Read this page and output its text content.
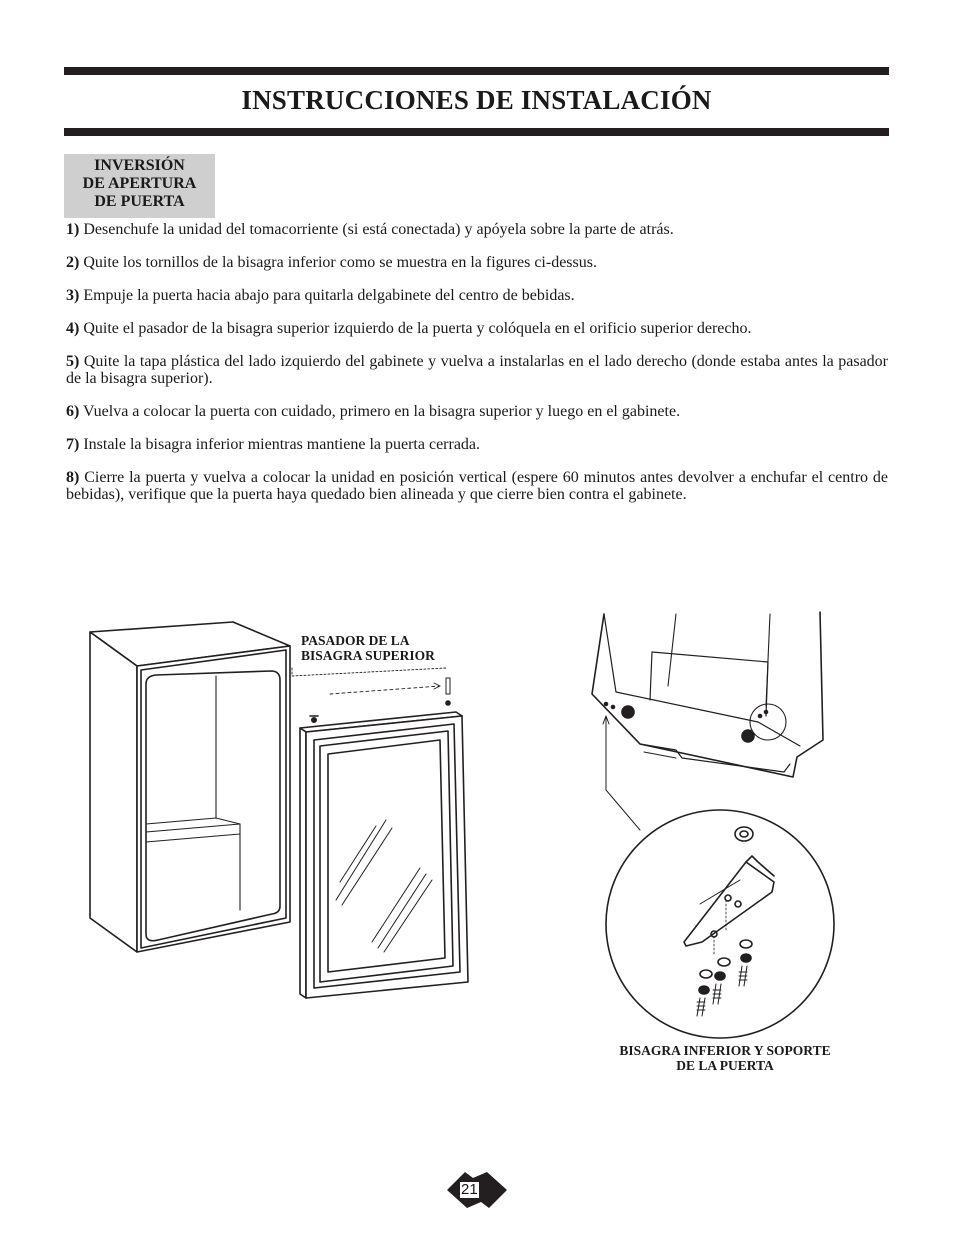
INSTRUCCIONES DE INSTALACIÓN
INVERSIÓN
DE APERTURA
DE PUERTA

1) Desenchufe la unidad del tomacorriente (si está conectada) y apóyela sobre la parte de atrás.

2) Quite los tornillos de la bisagra inferior como se muestra en la figures ci-dessus.

3) Empuje la puerta hacia abajo para quitarla delgabinete del centro de bebidas.

4) Quite el pasador de la bisagra superior izquierdo de la puerta y colóquela en el orificio superior derecho.

5) Quite la tapa plástica del lado izquierdo del gabinete y vuelva a instalarlas en el lado derecho (donde estaba antes la pasador de la bisagra superior).

6) Vuelva a colocar la puerta con cuidado, primero en la bisagra superior y luego en el gabinete.

7) Instale la bisagra inferior mientras mantiene la puerta cerrada.

8) Cierre la puerta y vuelva a colocar la unidad en posición vertical (espere 60 minutos antes devolver a enchufar el centro de bebidas), verifique que la puerta haya quedado bien alineada y que cierre bien contra el gabinete.

PASADOR DE LA
BISAGRA SUPERIOR
BISAGRA INFERIOR Y SOPORTE
DE LA PUERTA
21
